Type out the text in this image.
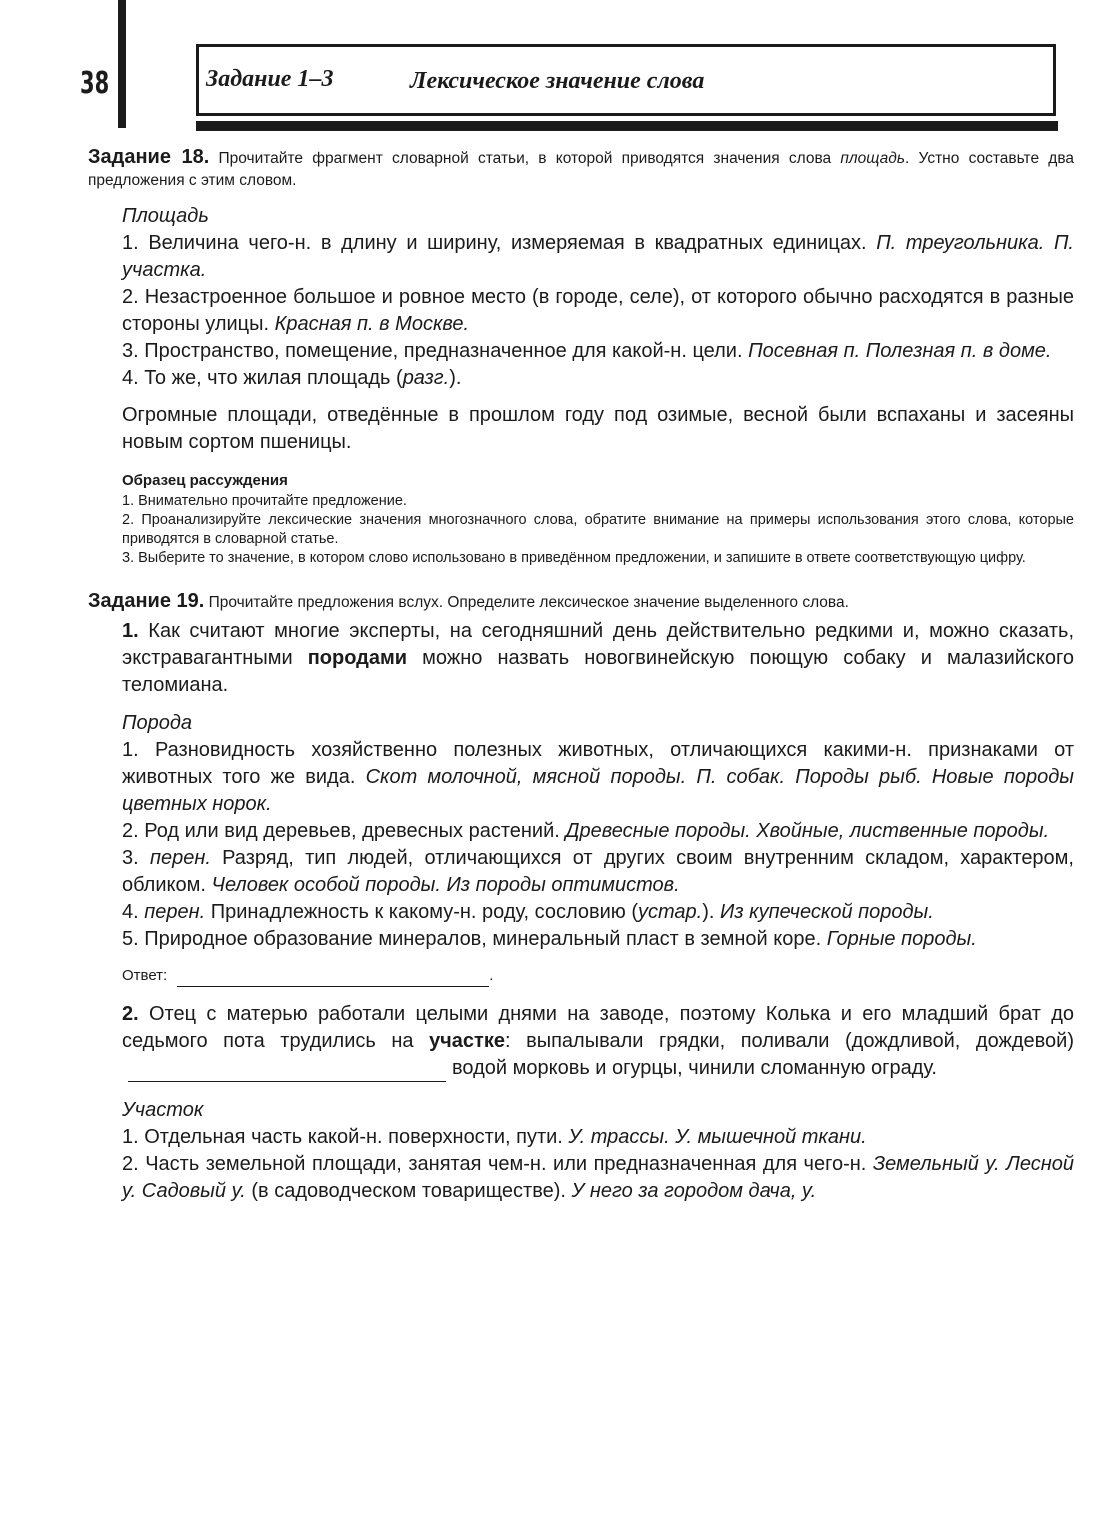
38	Задание 1–3	Лексическое значение слова
Задание 18. Прочитайте фрагмент словарной статьи, в которой приводятся значения слова площадь. Устно составьте два предложения с этим словом.
Площадь

1. Величина чего-н. в длину и ширину, измеряемая в квадратных единицах. П. треугольника. П. участка.

2. Незастроенное большое и ровное место (в городе, селе), от которого обычно расходятся в разные стороны улицы. Красная п. в Москве.

3. Пространство, помещение, предназначенное для какой-н. цели. Посевная п. Полезная п. в доме.

4. То же, что жилая площадь (разг.).

Огромные площади, отведённые в прошлом году под озимые, весной были вспаханы и засеяны новым сортом пшеницы.
Образец рассуждения

1. Внимательно прочитайте предложение.

2. Проанализируйте лексические значения многозначного слова, обратите внимание на примеры использования этого слова, которые приводятся в словарной статье.

3. Выберите то значение, в котором слово использовано в приведённом предложении, и запишите в ответе соответствующую цифру.

Задание 19. Прочитайте предложения вслух. Определите лексическое значение выделенного слова.
1. Как считают многие эксперты, на сегодняшний день действительно редкими и, можно сказать, экстравагантными породами можно назвать новогвинейскую поющую собаку и малазийского теломиана.
Порода

1. Разновидность хозяйственно полезных животных, отличающихся какими-н. признаками от животных того же вида. Скот молочной, мясной породы. П. собак. Породы рыб. Новые породы цветных норок.

2. Род или вид деревьев, древесных растений. Древесные породы. Хвойные, лиственные породы.

3. перен. Разряд, тип людей, отличающихся от других своим внутренним складом, характером, обликом. Человек особой породы. Из породы оптимистов.

4. перен. Принадлежность к какому-н. роду, сословию (устар.). Из купеческой породы.

5. Природное образование минералов, минеральный пласт в земной коре. Горные породы.

Ответ:	.
2. Отец с матерью работали целыми днями на заводе, поэтому Колька и его младший брат до седьмого пота трудились на участке: выпалывали грядки, поливали (дождливой, дождевой)водой морковь и огурцы, чинили сломанную ограду.
Участок

1. Отдельная часть какой-н. поверхности, пути. У. трассы. У. мышечной ткани.

2. Часть земельной площади, занятая чем-н. или предназначенная для чего-н. Земельный у. Лесной у. Садовый у. (в садоводческом товариществе). У него за городом дача, у.
